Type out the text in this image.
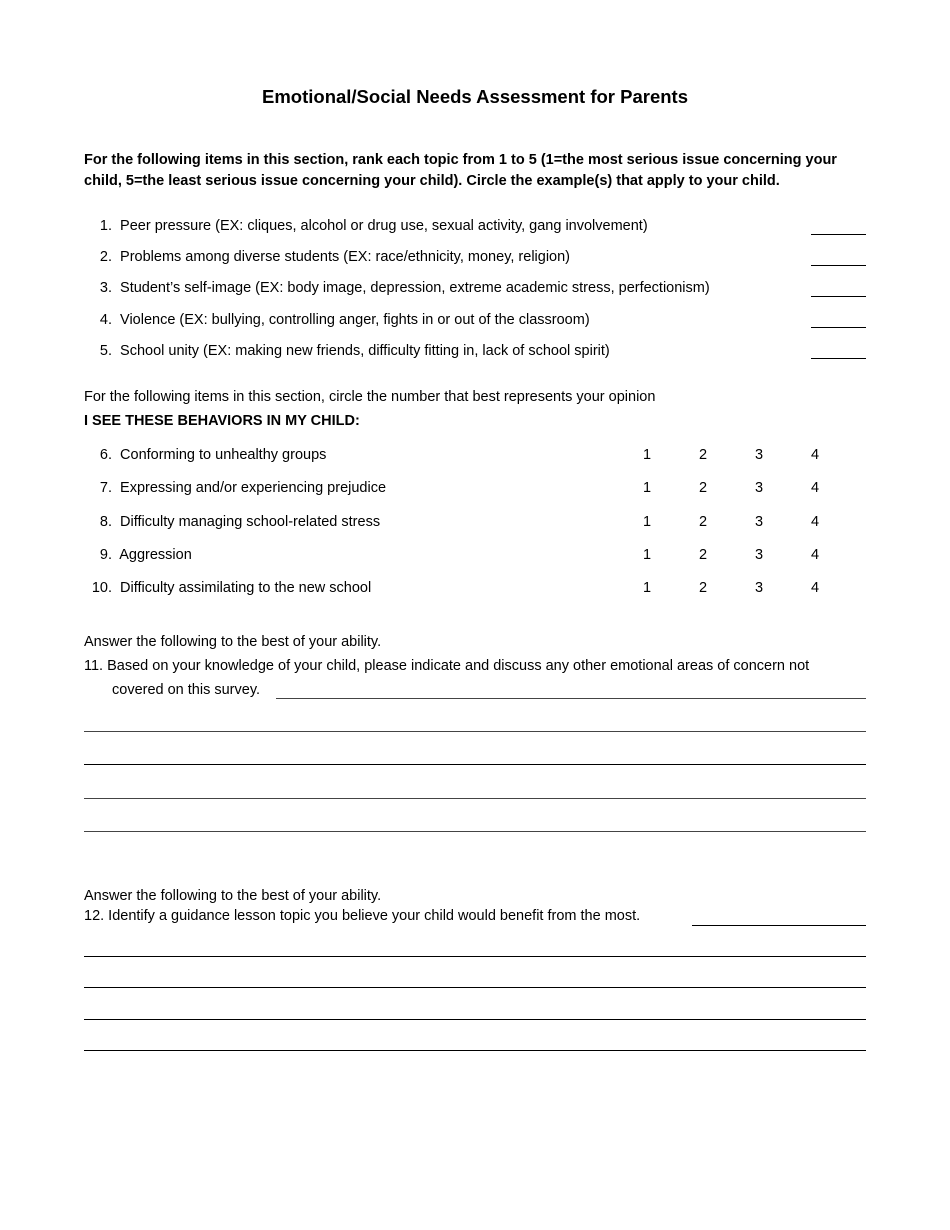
Emotional/Social Needs Assessment for Parents
For the following items in this section, rank each topic from 1 to 5 (1=the most serious issue concerning your child, 5=the least serious issue concerning your child). Circle the example(s) that apply to your child.
1. Peer pressure (EX: cliques, alcohol or drug use, sexual activity, gang involvement)
2. Problems among diverse students (EX: race/ethnicity, money, religion)
3. Student’s self-image (EX: body image, depression, extreme academic stress, perfectionism)
4. Violence (EX: bullying, controlling anger, fights in or out of the classroom)
5. School unity (EX: making new friends, difficulty fitting in, lack of school spirit)
For the following items in this section, circle the number that best represents your opinion
I SEE THESE BEHAVIORS IN MY CHILD:
6. Conforming to unhealthy groups	1	2	3	4
7. Expressing and/or experiencing prejudice	1	2	3	4
8. Difficulty managing school-related stress	1	2	3	4
9. Aggression	1	2	3	4
10. Difficulty assimilating to the new school	1	2	3	4
Answer the following to the best of your ability.
11. Based on your knowledge of your child, please indicate and discuss any other emotional areas of concern not
covered on this survey.
Answer the following to the best of your ability.
12. Identify a guidance lesson topic you believe your child would benefit from the most.
